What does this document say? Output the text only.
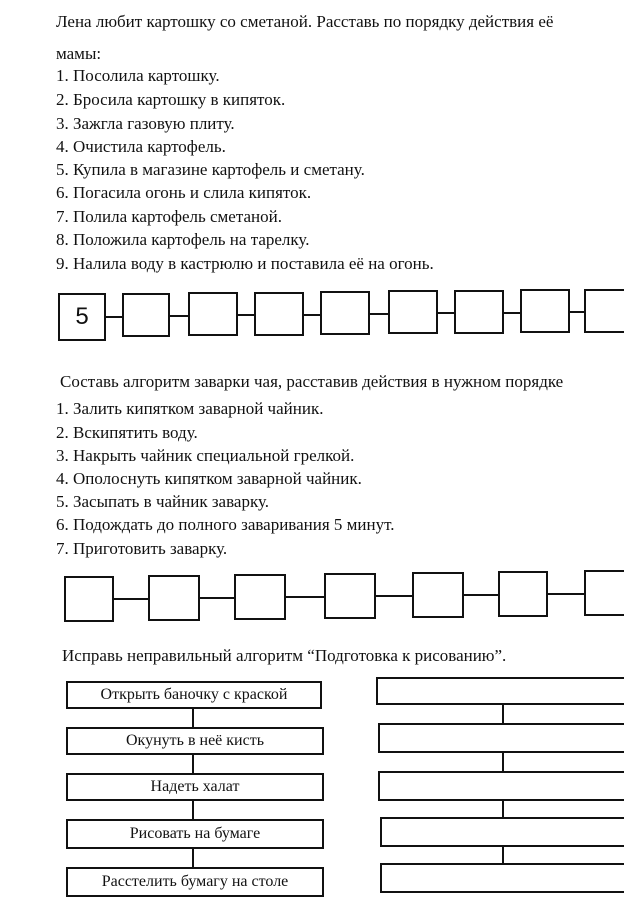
Лена любит картошку со сметаной. Расставь по порядку действия её
мамы:
1. Посолила картошку.
2. Бросила картошку в кипяток.
3. Зажгла газовую плиту.
4. Очистила картофель.
5. Купила в магазине картофель и сметану.
6. Погасила огонь и слила кипяток.
7. Полила картофель сметаной.
8. Положила картофель на тарелку.
9. Налила воду в кастрюлю и поставила её на огонь.
5
Составь алгоритм заварки чая, расставив действия в нужном порядке
1. Залить кипятком заварной чайник.
2. Вскипятить воду.
3. Накрыть чайник специальной грелкой.
4. Ополоснуть кипятком заварной чайник.
5. Засыпать в чайник заварку.
6. Подождать до полного заваривания 5 минут.
7. Приготовить заварку.
Исправь неправильный алгоритм “Подготовка к рисованию”.
Открыть баночку с краской
Окунуть в неё кисть
Надеть халат
Рисовать на бумаге
Расстелить бумагу на столе
